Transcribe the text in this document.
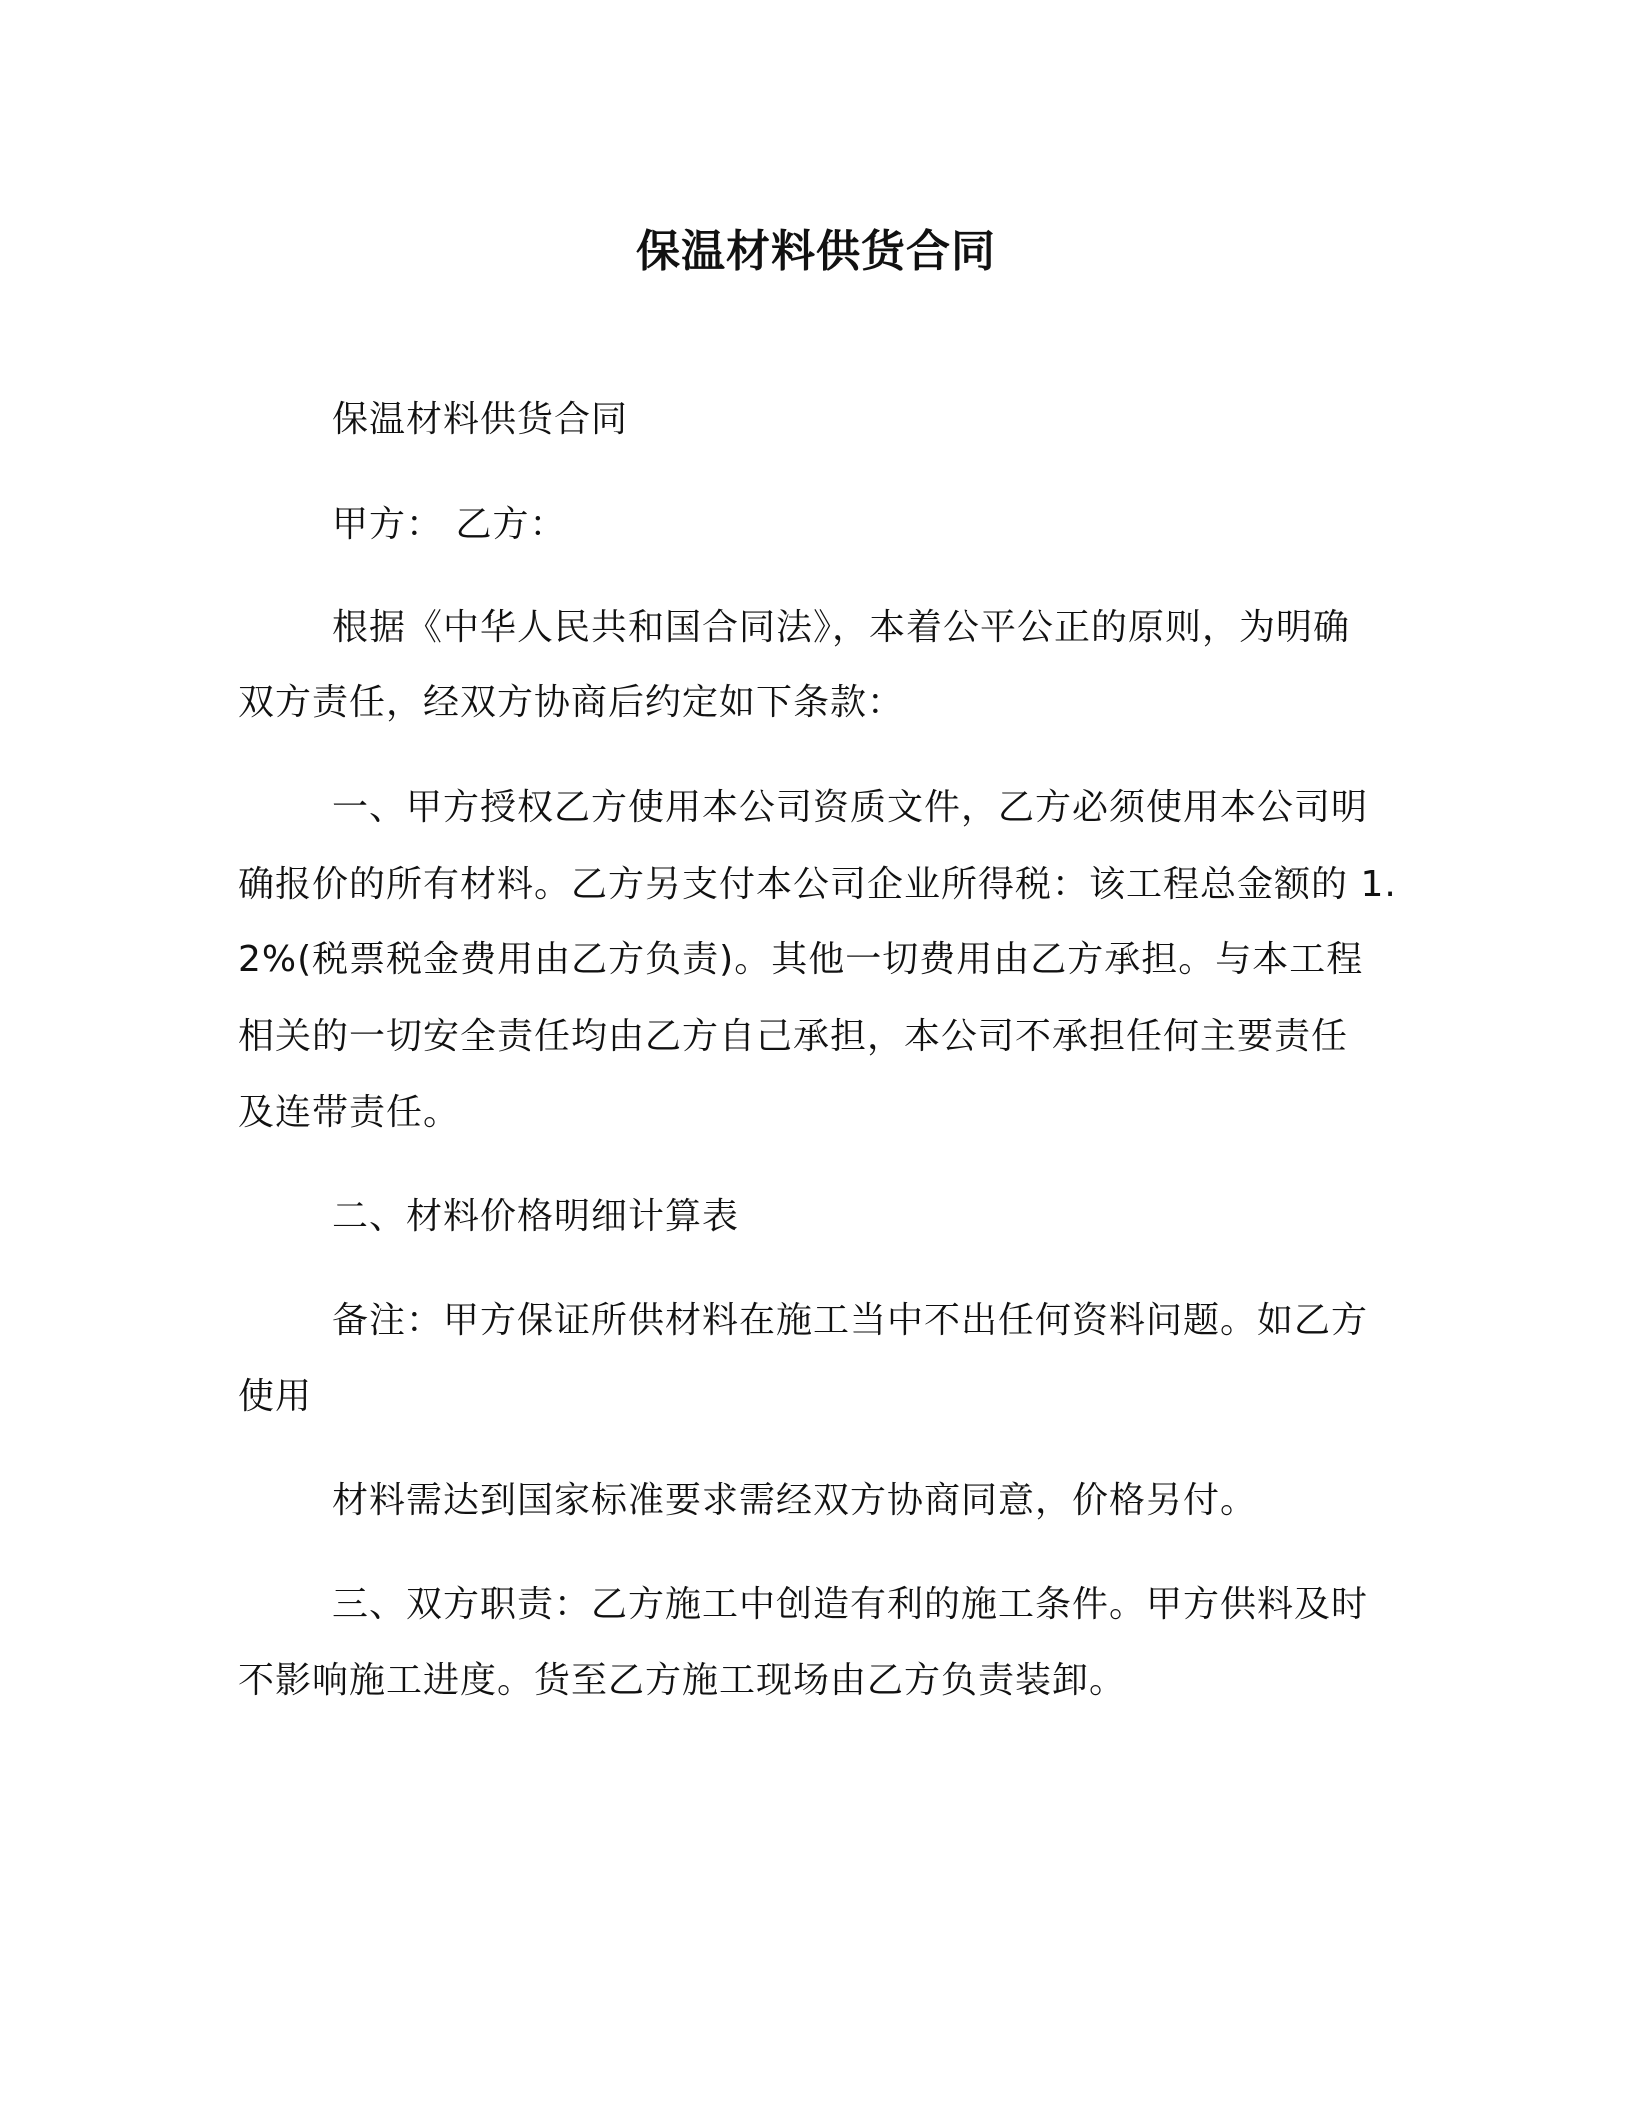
保温材料供货合同
保温材料供货合同
甲方： 乙方：
根据《中华人民共和国合同法》，本着公平公正的原则，为明确
双方责任，经双方协商后约定如下条款：
一、甲方授权乙方使用本公司资质文件，乙方必须使用本公司明
确报价的所有材料。乙方另支付本公司企业所得税：该工程总金额的 1.
2%(税票税金费用由乙方负责)。其他一切费用由乙方承担。与本工程
相关的一切安全责任均由乙方自己承担，本公司不承担任何主要责任
及连带责任。
二、材料价格明细计算表
备注：甲方保证所供材料在施工当中不出任何资料问题。如乙方
使用
材料需达到国家标准要求需经双方协商同意，价格另付。
三、双方职责：乙方施工中创造有利的施工条件。甲方供料及时
不影响施工进度。货至乙方施工现场由乙方负责装卸。
